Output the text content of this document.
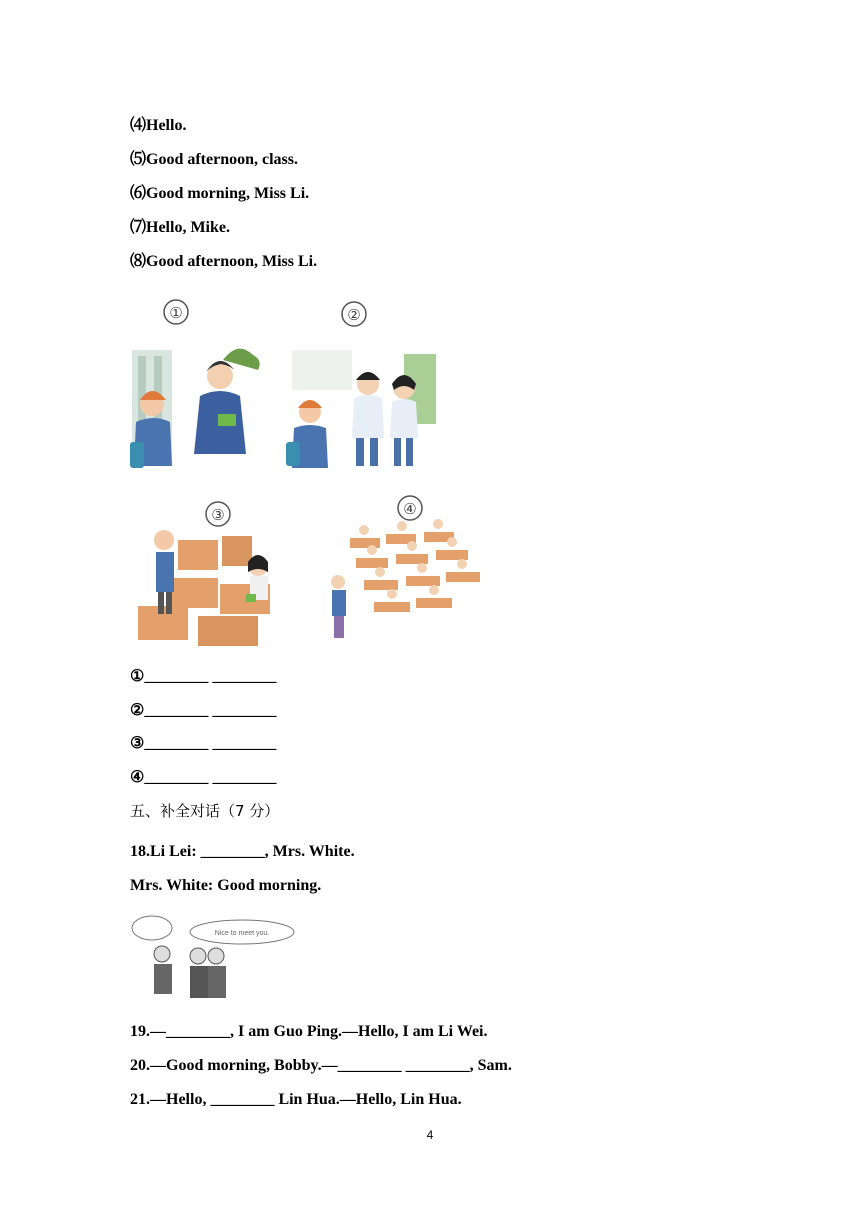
⑷Hello.
⑸Good afternoon, class.
⑹Good morning, Miss Li.
⑺Hello, Mike.
⑻Good afternoon, Miss Li.
①	②
③	④
①________ ________
②________ ________
③________ ________
④________ ________
五、补全对话（7 分）
18.Li Lei: ________, Mrs. White.
Mrs. White: Good morning.
Nice to meet you.
19.—________, I am Guo Ping.—Hello, I am Li Wei.
20.—Good morning, Bobby.—________ ________, Sam.
21.—Hello, ________ Lin Hua.—Hello, Lin Hua.
4
